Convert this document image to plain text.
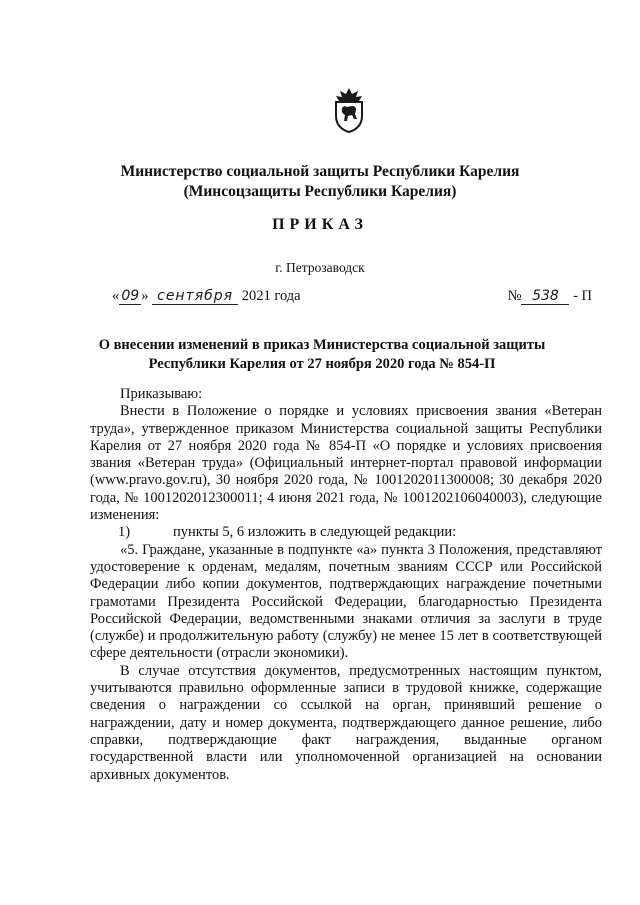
Министерство социальной защиты Республики Карелия
(Минсоцзащиты Республики Карелия)
ПРИКАЗ
г. Петрозаводск
« 09 » сентября 2021 года	№ 538 - П
О внесении изменений в приказ Министерства социальной защиты
Республики Карелия от 27 ноября 2020 года № 854-П

Приказываю:

Внести в Положение о порядке и условиях присвоения звания «Ветеран труда», утвержденное приказом Министерства социальной защиты Республики Карелия от 27 ноября 2020 года № 854-П «О порядке и условиях присвоения звания «Ветеран труда» (Официальный интернет-портал правовой информации (www.pravo.gov.ru), 30 ноября 2020 года, № 1001202011300008; 30 декабря 2020 года, № 1001202012300011; 4 июня 2021 года, № 1001202106040003), следующие изменения:

1)	пункты 5, 6 изложить в следующей редакции:

«5. Граждане, указанные в подпункте «а» пункта 3 Положения, представляют удостоверение к орденам, медалям, почетным званиям СССР или Российской Федерации либо копии документов, подтверждающих награждение почетными грамотами Президента Российской Федерации, благодарностью Президента Российской Федерации, ведомственными знаками отличия за заслуги в труде (службе) и продолжительную работу (службу) не менее 15 лет в соответствующей сфере деятельности (отрасли экономики).

В случае отсутствия документов, предусмотренных настоящим пунктом, учитываются правильно оформленные записи в трудовой книжке, содержащие сведения о награждении со ссылкой на орган, принявший решение о награждении, дату и номер документа, подтверждающего данное решение, либо справки, подтверждающие факт награждения, выданные органом государственной власти или уполномоченной организацией на основании архивных документов.
